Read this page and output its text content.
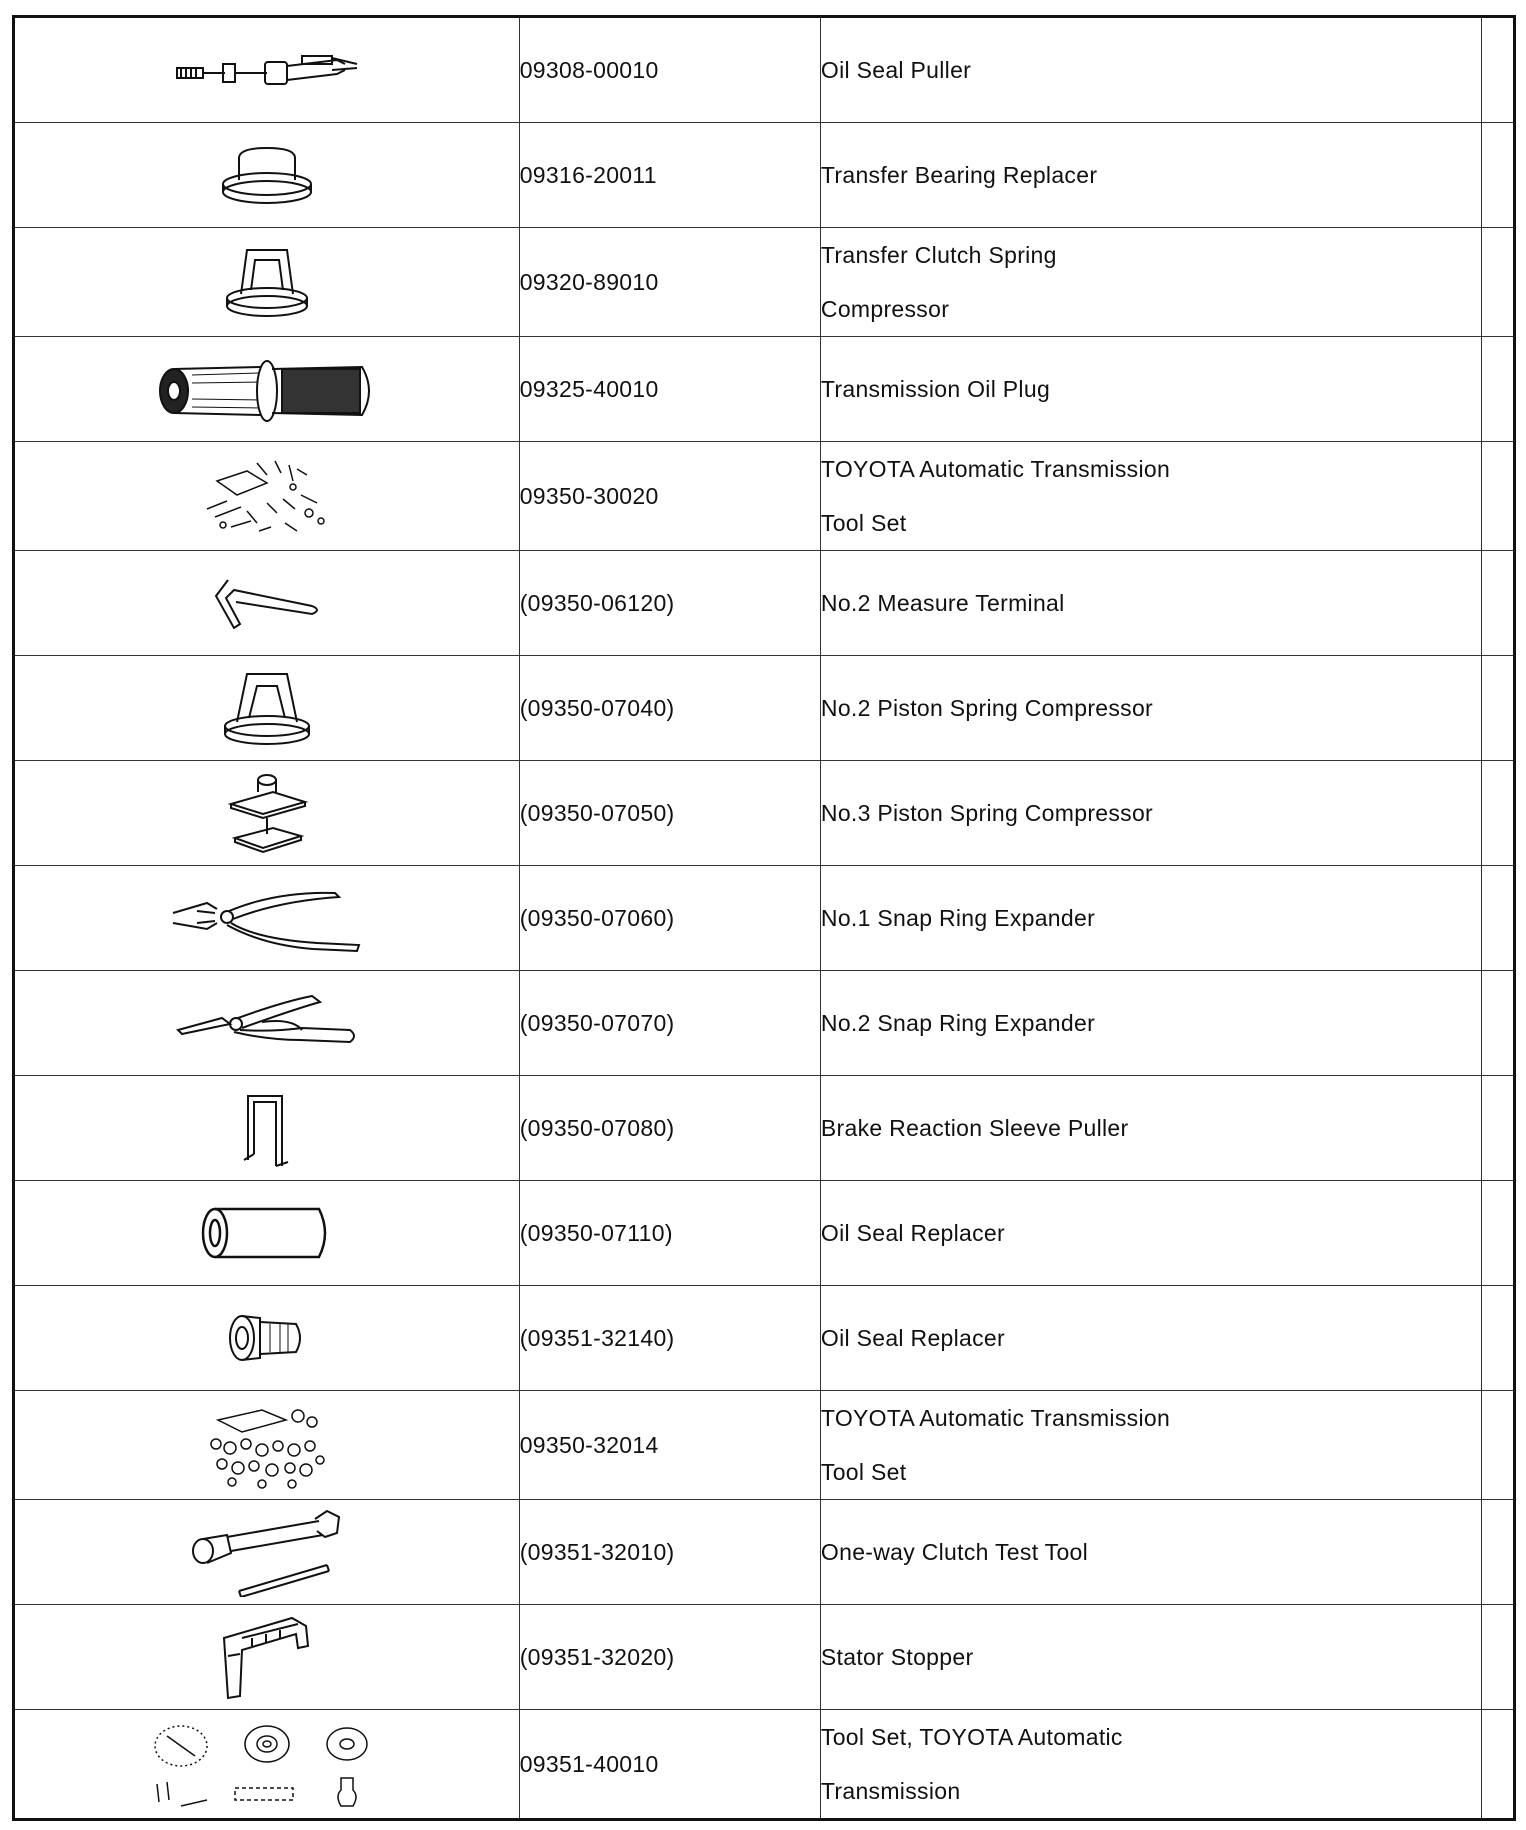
	09308-00010	Oil Seal Puller	

	09316-20011	Transfer Bearing Replacer	

	09320-89010	Transfer Clutch Spring
Compressor	

	09325-40010	Transmission Oil Plug	

	09350-30020	TOYOTA Automatic Transmission
Tool Set	

	(09350-06120)	No.2 Measure Terminal	

	(09350-07040)	No.2 Piston Spring Compressor	

	(09350-07050)	No.3 Piston Spring Compressor	

	(09350-07060)	No.1 Snap Ring Expander	

	(09350-07070)	No.2 Snap Ring Expander	

	(09350-07080)	Brake Reaction Sleeve Puller	

	(09350-07110)	Oil Seal Replacer	

	(09351-32140)	Oil Seal Replacer	

	09350-32014	TOYOTA Automatic Transmission
Tool Set	

	(09351-32010)	One-way Clutch Test Tool	

	(09351-32020)	Stator Stopper	

	09351-40010	Tool Set, TOYOTA Automatic
Transmission	
